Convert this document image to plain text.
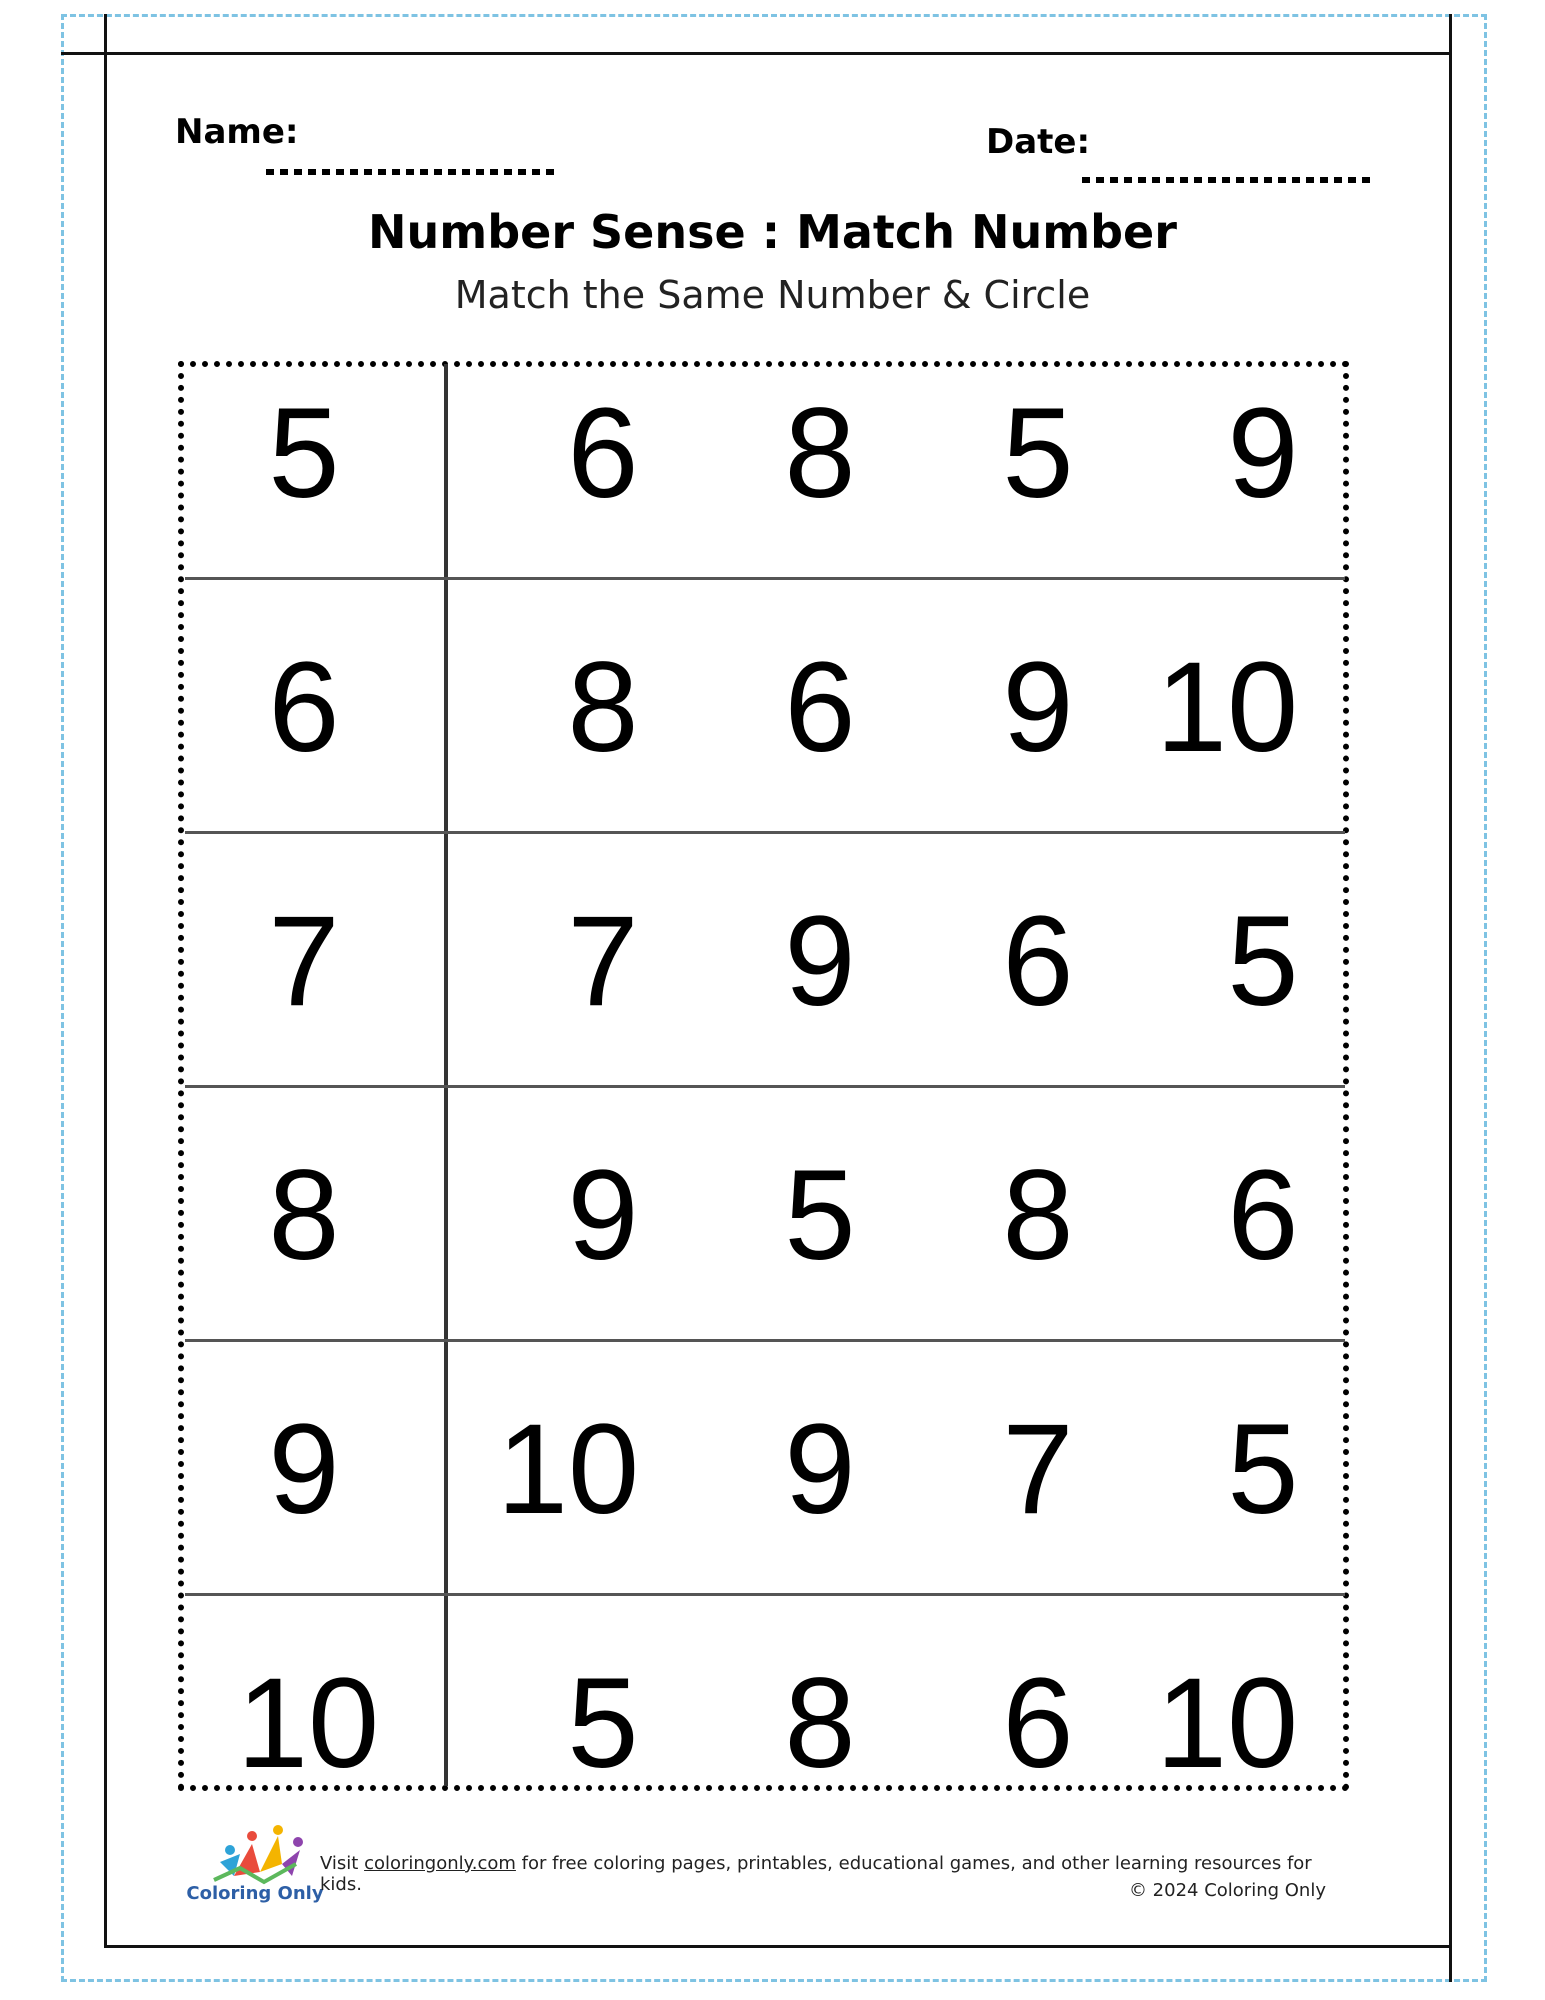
Name:	Date:
Number Sense : Match Number
Match the Same Number & Circle
5	6	8	5	9
6	8	6	9 10
7	7	9	6	5
8	9	5	8	6
9	10	9	7	5
10	5	8	6 10
Coloring Only
Visit coloringonly.com for free coloring pages, printables, educational games, and other learning resources for kids.	© 2024 Coloring Only
